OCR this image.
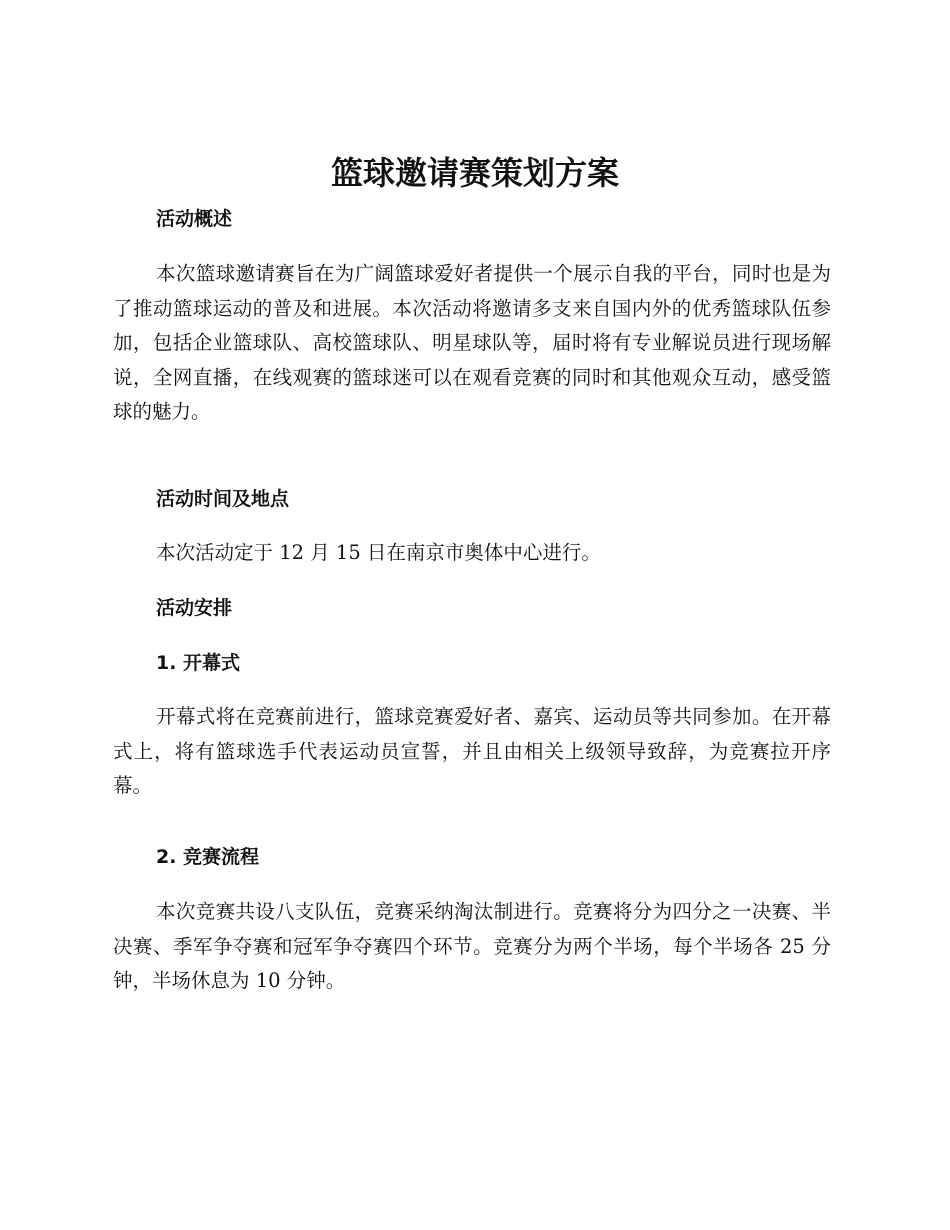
篮球邀请赛策划方案
活动概述

本次篮球邀请赛旨在为广阔篮球爱好者提供一个展示自我的平台，同时也是为了推动篮球运动的普及和进展。本次活动将邀请多支来自国内外的优秀篮球队伍参加，包括企业篮球队、高校篮球队、明星球队等，届时将有专业解说员进行现场解说，全网直播，在线观赛的篮球迷可以在观看竞赛的同时和其他观众互动，感受篮球的魅力。

活动时间及地点

本次活动定于 12 月 15 日在南京市奥体中心进行。

活动安排
1. 开幕式

开幕式将在竞赛前进行，篮球竞赛爱好者、嘉宾、运动员等共同参加。在开幕式上，将有篮球选手代表运动员宣誓，并且由相关上级领导致辞，为竞赛拉开序幕。

2. 竞赛流程

本次竞赛共设八支队伍，竞赛采纳淘汰制进行。竞赛将分为四分之一决赛、半决赛、季军争夺赛和冠军争夺赛四个环节。竞赛分为两个半场，每个半场各 25 分钟，半场休息为 10 分钟。
